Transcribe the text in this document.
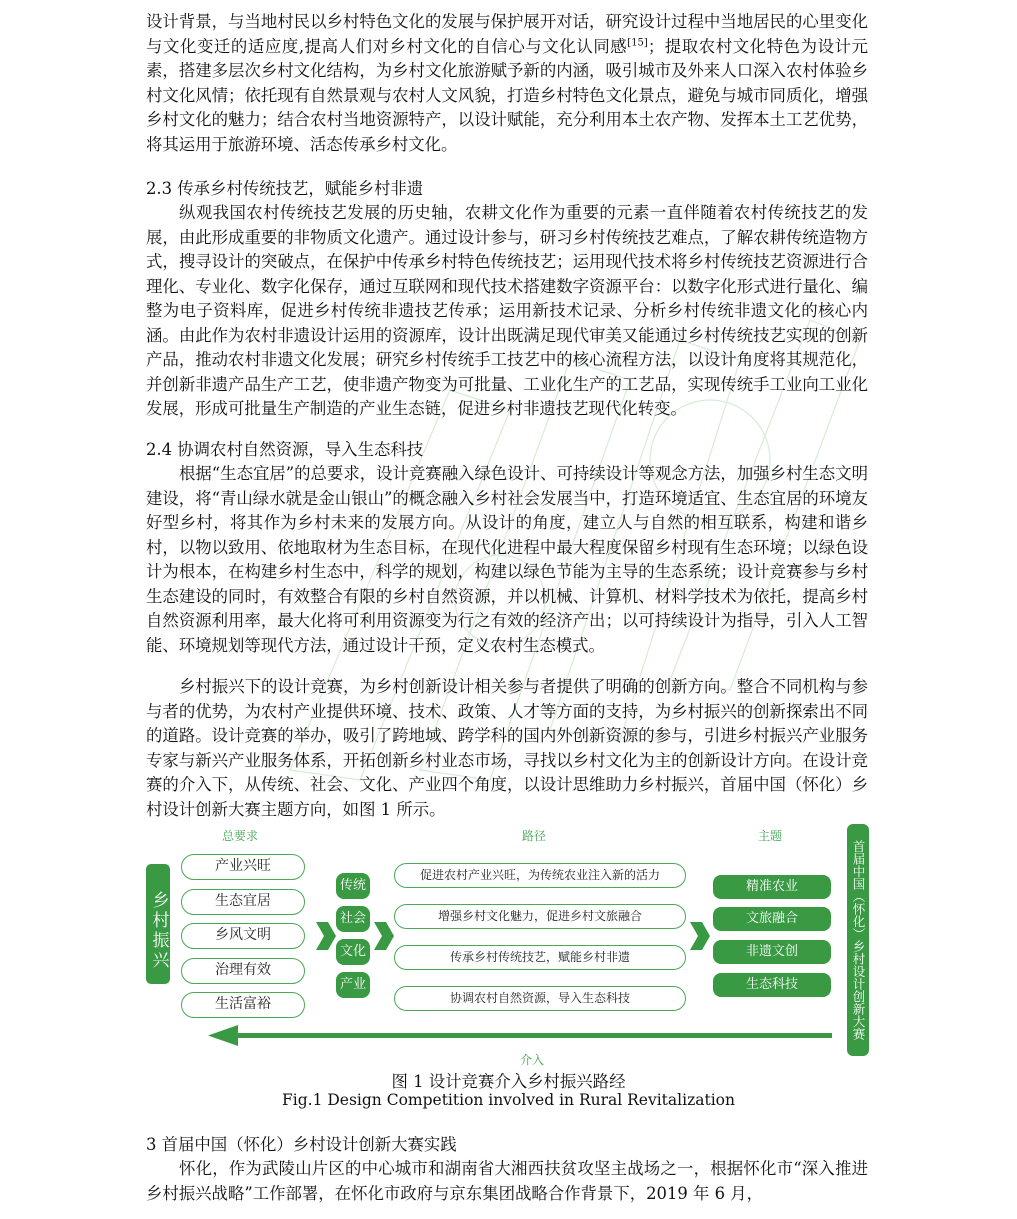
设计背景，与当地村民以乡村特色文化的发展与保护展开对话，研究设计过程中当地居民的心里变化与文化变迁的适应度,提高人们对乡村文化的自信心与文化认同感[15]；提取农村文化特色为设计元素，搭建多层次乡村文化结构，为乡村文化旅游赋予新的内涵，吸引城市及外来人口深入农村体验乡村文化风情；依托现有自然景观与农村人文风貌，打造乡村特色文化景点，避免与城市同质化，增强乡村文化的魅力；结合农村当地资源特产，以设计赋能，充分利用本土农产物、发挥本土工艺优势，将其运用于旅游环境、活态传承乡村文化。

2.3 传承乡村传统技艺，赋能乡村非遗

纵观我国农村传统技艺发展的历史轴，农耕文化作为重要的元素一直伴随着农村传统技艺的发展，由此形成重要的非物质文化遗产。通过设计参与，研习乡村传统技艺难点，了解农耕传统造物方式，搜寻设计的突破点，在保护中传承乡村特色传统技艺；运用现代技术将乡村传统技艺资源进行合理化、专业化、数字化保存，通过互联网和现代技术搭建数字资源平台：以数字化形式进行量化、编整为电子资料库，促进乡村传统非遗技艺传承；运用新技术记录、分析乡村传统非遗文化的核心内涵。由此作为农村非遗设计运用的资源库，设计出既满足现代审美又能通过乡村传统技艺实现的创新产品，推动农村非遗文化发展；研究乡村传统手工技艺中的核心流程方法，以设计角度将其规范化，并创新非遗产品生产工艺，使非遗产物变为可批量、工业化生产的工艺品，实现传统手工业向工业化发展，形成可批量生产制造的产业生态链，促进乡村非遗技艺现代化转变。

2.4 协调农村自然资源，导入生态科技

根据“生态宜居”的总要求，设计竞赛融入绿色设计、可持续设计等观念方法，加强乡村生态文明建设，将“青山绿水就是金山银山”的概念融入乡村社会发展当中，打造环境适宜、生态宜居的环境友好型乡村，将其作为乡村未来的发展方向。从设计的角度，建立人与自然的相互联系，构建和谐乡村，以物以致用、依地取材为生态目标，在现代化进程中最大程度保留乡村现有生态环境；以绿色设计为根本，在构建乡村生态中，科学的规划，构建以绿色节能为主导的生态系统；设计竞赛参与乡村生态建设的同时，有效整合有限的乡村自然资源，并以机械、计算机、材料学技术为依托，提高乡村自然资源利用率，最大化将可利用资源变为行之有效的经济产出；以可持续设计为指导，引入人工智能、环境规划等现代方法，通过设计干预，定义农村生态模式。

乡村振兴下的设计竞赛，为乡村创新设计相关参与者提供了明确的创新方向。整合不同机构与参与者的优势，为农村产业提供环境、技术、政策、人才等方面的支持，为乡村振兴的创新探索出不同的道路。设计竞赛的举办，吸引了跨地域、跨学科的国内外创新资源的参与，引进乡村振兴产业服务专家与新兴产业服务体系，开拓创新乡村业态市场，寻找以乡村文化为主的创新设计方向。在设计竞赛的介入下，从传统、社会、文化、产业四个角度，以设计思维助力乡村振兴，首届中国（怀化）乡村设计创新大赛主题方向，如图 1 所示。

总要求	路径	主题
乡村振兴
产业兴旺
生态宜居
乡风文明
治理有效
生活富裕
传统
社会
文化
产业
促进农村产业兴旺，为传统农业注入新的活力
增强乡村文化魅力，促进乡村文旅融合
传承乡村传统技艺，赋能乡村非遗
协调农村自然资源，导入生态科技
精准农业
文旅融合
非遗文创
生态科技	首届中国（怀化）乡村设计创新大赛
介入
图 1 设计竞赛介入乡村振兴路经
Fig.1 Design Competition involved in Rural Revitalization

3 首届中国（怀化）乡村设计创新大赛实践

怀化，作为武陵山片区的中心城市和湖南省大湘西扶贫攻坚主战场之一，根据怀化市“深入推进乡村振兴战略”工作部署，在怀化市政府与京东集团战略合作背景下，2019 年 6 月，
